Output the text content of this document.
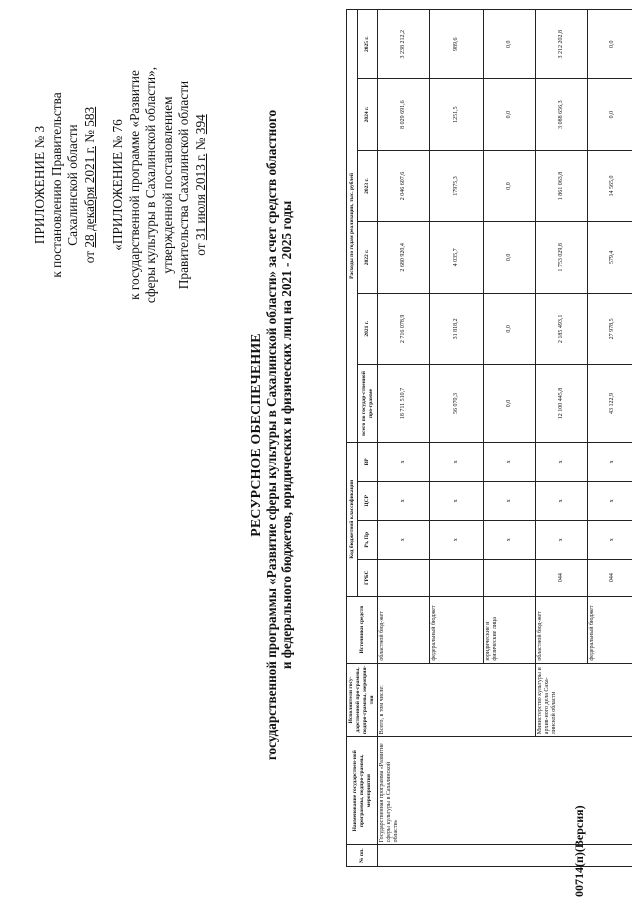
ПРИЛОЖЕНИЕ № 3 к постановлению Правительства Сахалинской области

от 28 декабря 2021 г. № 583

«ПРИЛОЖЕНИЕ № 76 к государственной программе «Развитие сферы культуры в Сахалинской области», утвержденной постановлением Правительства Сахалинской области от 31 июля 2013 г. № 394

РЕСУРСНОЕ ОБЕСПЕЧЕНИЕ государственной программы «Развитие сферы культуры в Сахалинской области» за счет средств областного и федерального бюджетов, юридических и физических лиц на 2021 - 2025 годы
№ пп.	Наименование государствен-ной программы, подпро-граммы, мероприятия	Исполнители госу-дарственной про-граммы, подпро-граммы, мероприя-тия	Источники средств	Код бюджетной классификации				Расходы по годам реализации, тыс. рублей					
				ГРБС	Рз, Пр	ЦСР	ВР	всего по государ-ственной про-грамме	2021 г.	2022 г.	2023 г.	2024 г.	2025 г.
	Государственная программа «Развитие сферы культуры в Сахалинской области»	Всего, в том числе:	областной бюд-жет		х	х	х	18 711 510,7	2 716 078,9	2 680 920,4	2 046 607,6	8 029 691,6	3 238 212,2
			федеральный бюджет		х	х	х	56 070,3	31 818,2	4 035,7	17975,3	1251,5	989,6
			юридические и физические лица		х	х	х	0,0	0,0	0,0	0,0	0,0	0,0
		Министерство культуры и архив-ного дела Саха-линской области	областной бюд-жет	044	х	х	х	12 100 445,8	2 185 493,1	1 753 029,8	1 861 063,8	3 088 656,3	3 212 202,8
			федеральный бюджет	044	х	х	х	43 122,9	27 978,5	579,4	14 565,0	0,0	0,0
00714(п)(Версия)
